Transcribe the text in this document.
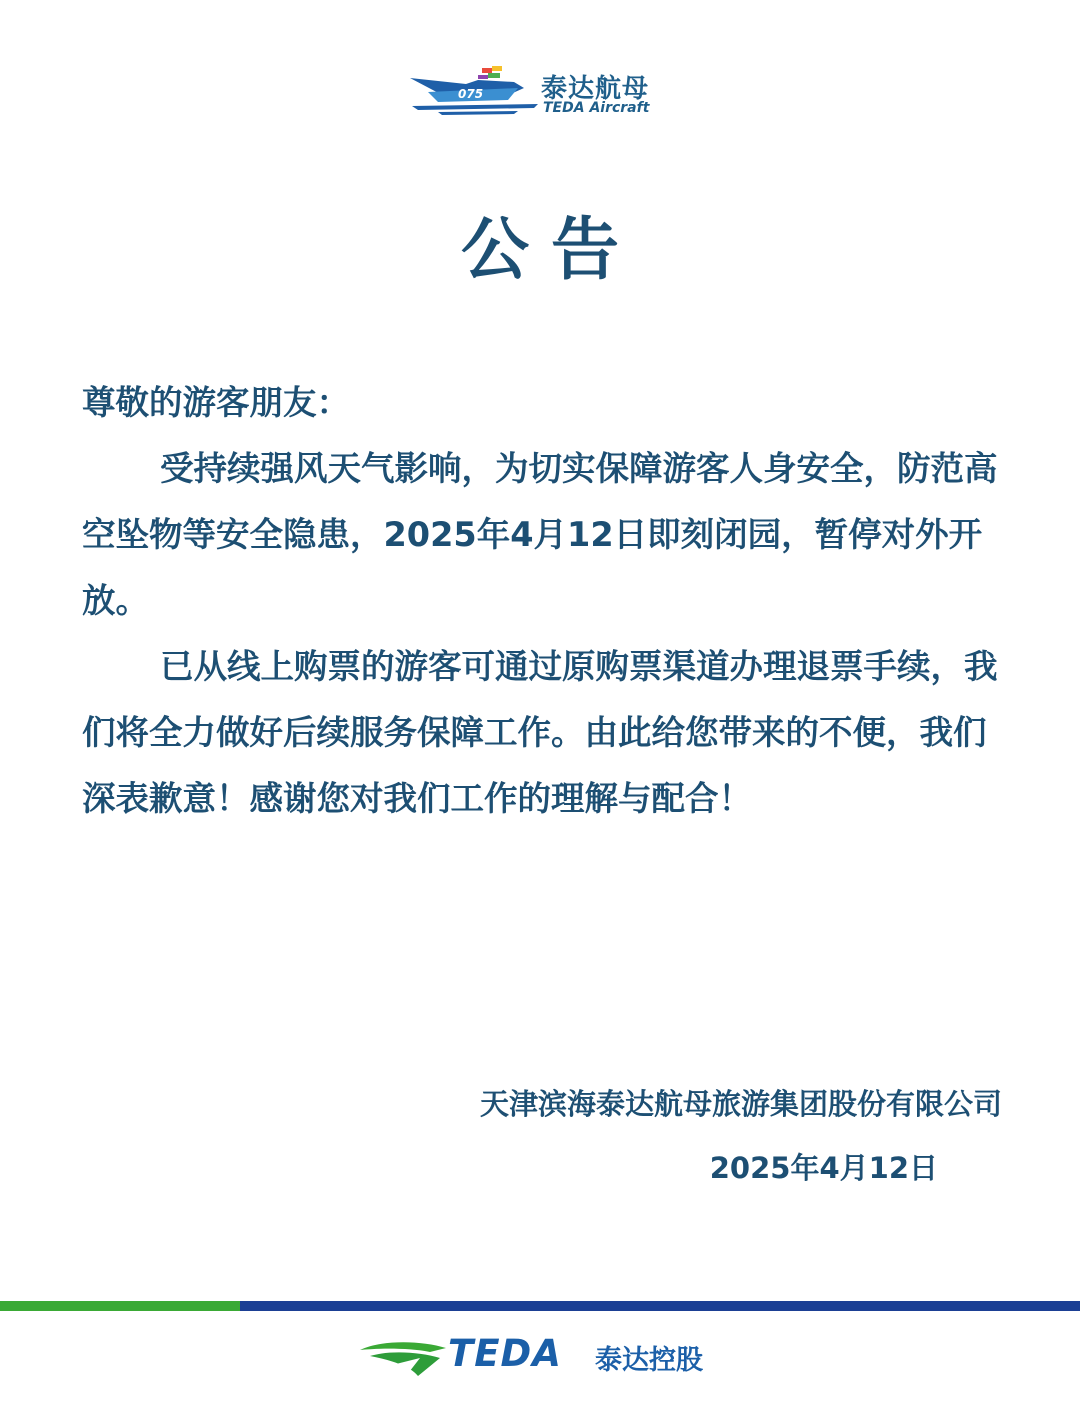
075 泰达航母
TEDA Aircraft
公告

尊敬的游客朋友：

受持续强风天气影响，为切实保障游客人身安全，防范高空坠物等安全隐患，2025年4月12日即刻闭园，暂停对外开放。

已从线上购票的游客可通过原购票渠道办理退票手续，我们将全力做好后续服务保障工作。由此给您带来的不便，我们深表歉意！感谢您对我们工作的理解与配合！

天津滨海泰达航母旅游集团股份有限公司
2025年4月12日
TEDA 泰达控股
